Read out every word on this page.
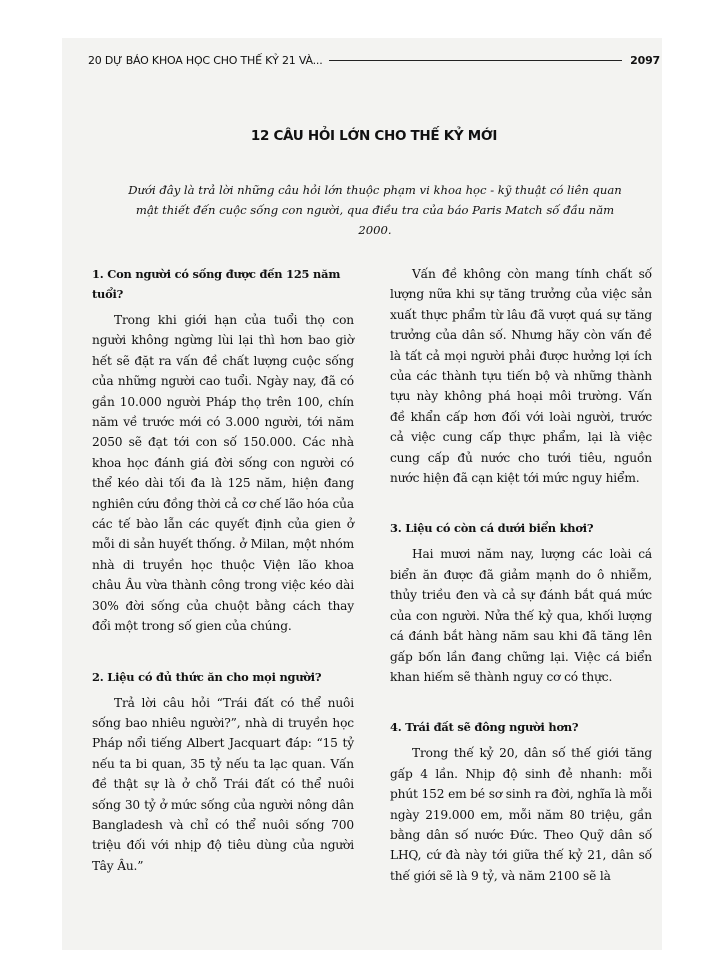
20 DỰ BÁO KHOA HỌC CHO THẾ KỶ 21 VÀ...	2097
12 CÂU HỎI LỚN CHO THẾ KỶ MỚI
Dưới đây là trả lời những câu hỏi lớn thuộc phạm vi khoa học - kỹ thuật có liên quan mật thiết đến cuộc sống con người, qua điều tra của báo Paris Match số đầu năm 2000.
1. Con người có sống được đến 125 năm tuổi?

Trong khi giới hạn của tuổi thọ con người không ngừng lùi lại thì hơn bao giờ hết sẽ đặt ra vấn đề chất lượng cuộc sống của những người cao tuổi. Ngày nay, đã có gần 10.000 người Pháp thọ trên 100, chín năm về trước mới có 3.000 người, tới năm 2050 sẽ đạt tới con số 150.000. Các nhà khoa học đánh giá đời sống con người có thể kéo dài tối đa là 125 năm, hiện đang nghiên cứu đồng thời cả cơ chế lão hóa của các tế bào lẫn các quyết định của gien ở mỗi di sản huyết thống. ở Milan, một nhóm nhà di truyền học thuộc Viện lão khoa châu Âu vừa thành công trong việc kéo dài 30% đời sống của chuột bằng cách thay đổi một trong số gien của chúng.

2. Liệu có đủ thức ăn cho mọi người?

Trả lời câu hỏi “Trái đất có thể nuôi sống bao nhiêu người?”, nhà di truyền học Pháp nổi tiếng Albert Jacquart đáp: “15 tỷ nếu ta bi quan, 35 tỷ nếu ta lạc quan. Vấn đề thật sự là ở chỗ Trái đất có thể nuôi sống 30 tỷ ở mức sống của người nông dân Bangladesh và chỉ có thể nuôi sống 700 triệu đối với nhịp độ tiêu dùng của người Tây Âu.”

Vấn đề không còn mang tính chất số lượng nữa khi sự tăng trưởng của việc sản xuất thực phẩm từ lâu đã vượt quá sự tăng trưởng của dân số. Nhưng hãy còn vấn đề là tất cả mọi người phải được hưởng lợi ích của các thành tựu tiến bộ và những thành tựu này không phá hoại môi trường. Vấn đề khẩn cấp hơn đối với loài người, trước cả việc cung cấp thực phẩm, lại là việc cung cấp đủ nước cho tưới tiêu, nguồn nước hiện đã cạn kiệt tới mức nguy hiểm.

3. Liệu có còn cá dưới biển khơi?

Hai mươi năm nay, lượng các loài cá biển ăn được đã giảm mạnh do ô nhiễm, thủy triều đen và cả sự đánh bắt quá mức của con người. Nửa thế kỷ qua, khối lượng cá đánh bắt hàng năm sau khi đã tăng lên gấp bốn lần đang chững lại. Việc cá biển khan hiếm sẽ thành nguy cơ có thực.

4. Trái đất sẽ đông người hơn?

Trong thế kỷ 20, dân số thế giới tăng gấp 4 lần. Nhịp độ sinh đẻ nhanh: mỗi phút 152 em bé sơ sinh ra đời, nghĩa là mỗi ngày 219.000 em, mỗi năm 80 triệu, gần bằng dân số nước Đức. Theo Quỹ dân số LHQ, cứ đà này tới giữa thế kỷ 21, dân số thế giới sẽ là 9 tỷ, và năm 2100 sẽ là
